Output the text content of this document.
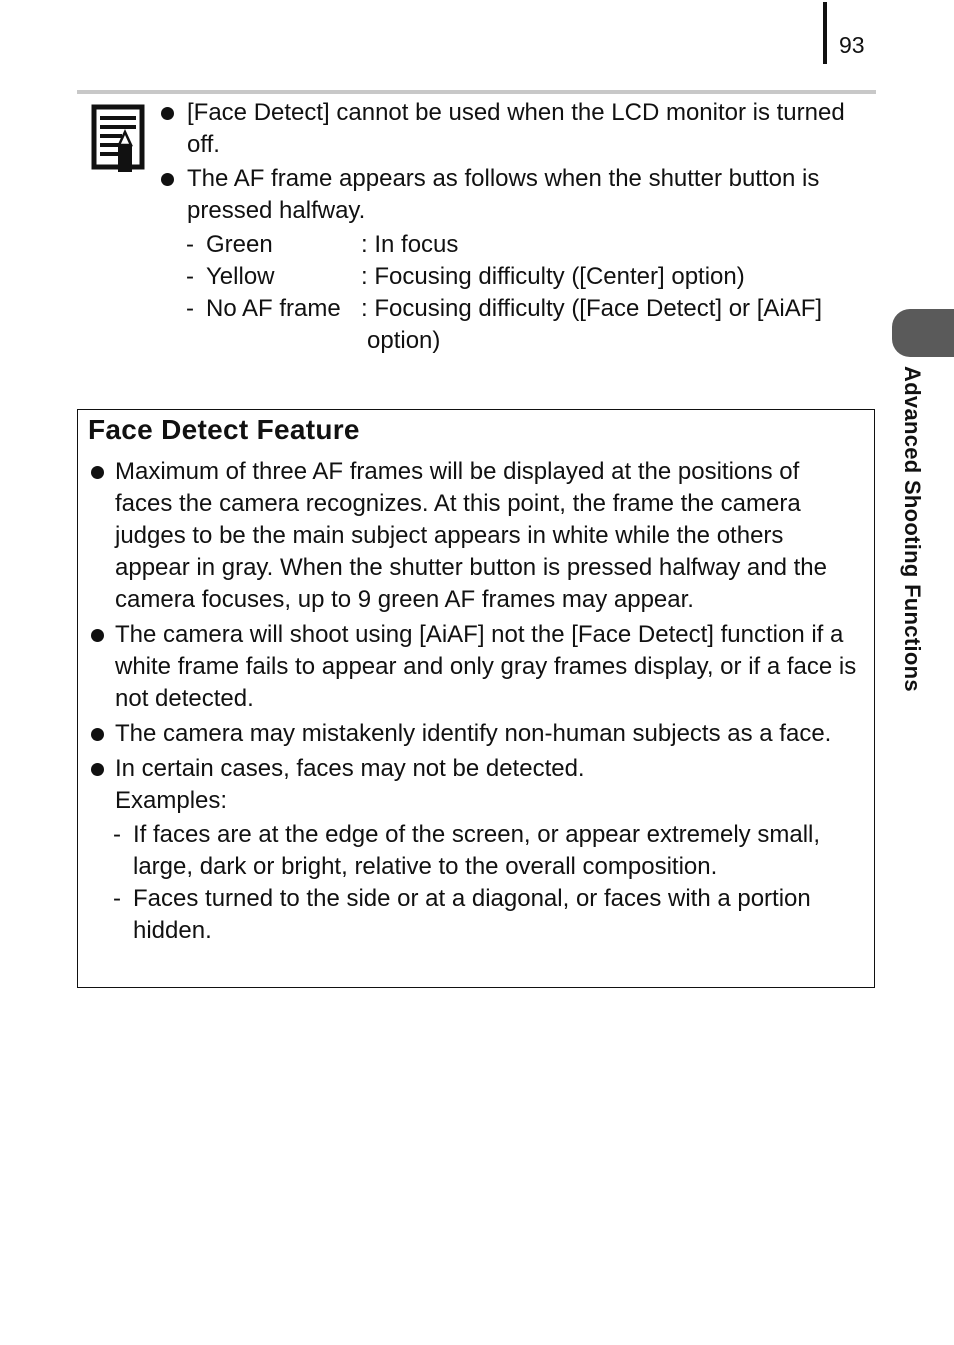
93
[Face Detect] cannot be used when the LCD monitor is turned off.
The AF frame appears as follows when the shutter button is pressed halfway.
-	Green	: In focus
-	Yellow	: Focusing difficulty ([Center] option)
-	No AF frame	: Focusing difficulty ([Face Detect] or [AiAF] option)
Advanced Shooting Functions
Face Detect Feature
Maximum of three AF frames will be displayed at the positions of faces the camera recognizes. At this point, the frame the camera judges to be the main subject appears in white while the others appear in gray. When the shutter button is pressed halfway and the camera focuses, up to 9 green AF frames may appear.
The camera will shoot using [AiAF] not the [Face Detect] function if a white frame fails to appear and only gray frames display, or if a face is not detected.
The camera may mistakenly identify non-human subjects as a face.
In certain cases, faces may not be detected.
Examples:
- If faces are at the edge of the screen, or appear extremely small, large, dark or bright, relative to the overall composition.
- Faces turned to the side or at a diagonal, or faces with a portion hidden.
